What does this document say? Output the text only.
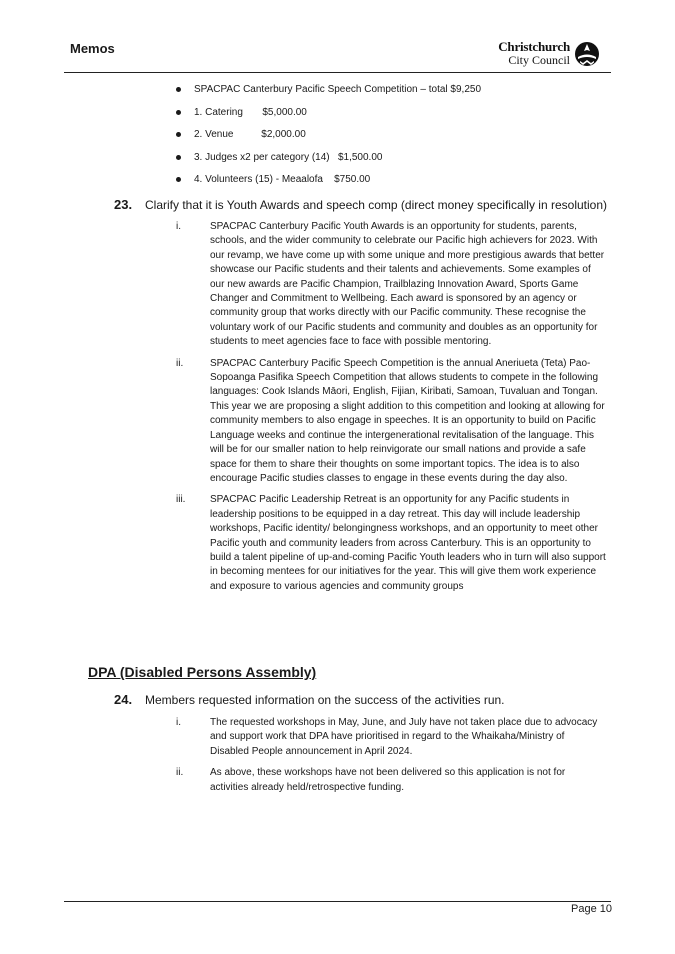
Memos	Christchurch
City Council
SPACPAC Canterbury Pacific Speech Competition – total $9,250
1. Catering       $5,000.00
2. Venue          $2,000.00
3. Judges x2 per category (14)   $1,500.00
4. Volunteers (15) - Meaalofa    $750.00
23. Clarify that it is Youth Awards and speech comp (direct money specifically in resolution)
i.	SPACPAC Canterbury Pacific Youth Awards is an opportunity for students, parents, schools, and the wider community to celebrate our Pacific high achievers for 2023. With our revamp, we have come up with some unique and more prestigious awards that better showcase our Pacific students and their talents and achievements. Some examples of our new awards are Pacific Champion, Trailblazing Innovation Award, Sports Game Changer and Commitment to Wellbeing. Each award is sponsored by an agency or community group that works directly with our Pacific community. These recognise the voluntary work of our Pacific students and community and doubles as an opportunity for students to meet agencies face to face with possible mentoring.
ii.	SPACPAC Canterbury Pacific Speech Competition is the annual Aneriueta (Teta) Pao-Sopoanga Pasifika Speech Competition that allows students to compete in the following languages: Cook Islands Māori, English, Fijian, Kiribati, Samoan, Tuvaluan and Tongan. This year we are proposing a slight addition to this competition and looking at allowing for community members to also engage in speeches. It is an opportunity to build on Pacific Language weeks and continue the intergenerational revitalisation of the language. This will be for our smaller nation to help reinvigorate our small nations and provide a safe space for them to share their thoughts on some important topics. The idea is to also encourage Pacific studies classes to engage in these events during the day also.
iii. SPACPAC Pacific Leadership Retreat is an opportunity for any Pacific students in leadership positions to be equipped in a day retreat. This day will include leadership workshops, Pacific identity/ belongingness workshops, and an opportunity to meet other Pacific youth and community leaders from across Canterbury. This is an opportunity to build a talent pipeline of up-and-coming Pacific Youth leaders who in turn will also support in becoming mentees for our initiatives for the year. This will give them work experience and exposure to various agencies and community groups
DPA (Disabled Persons Assembly)
24. Members requested information on the success of the activities run.
i.	The requested workshops in May, June, and July have not taken place due to advocacy and support work that DPA have prioritised in regard to the Whaikaha/Ministry of Disabled People announcement in April 2024.
ii.	As above, these workshops have not been delivered so this application is not for activities already held/retrospective funding.
Page 10
